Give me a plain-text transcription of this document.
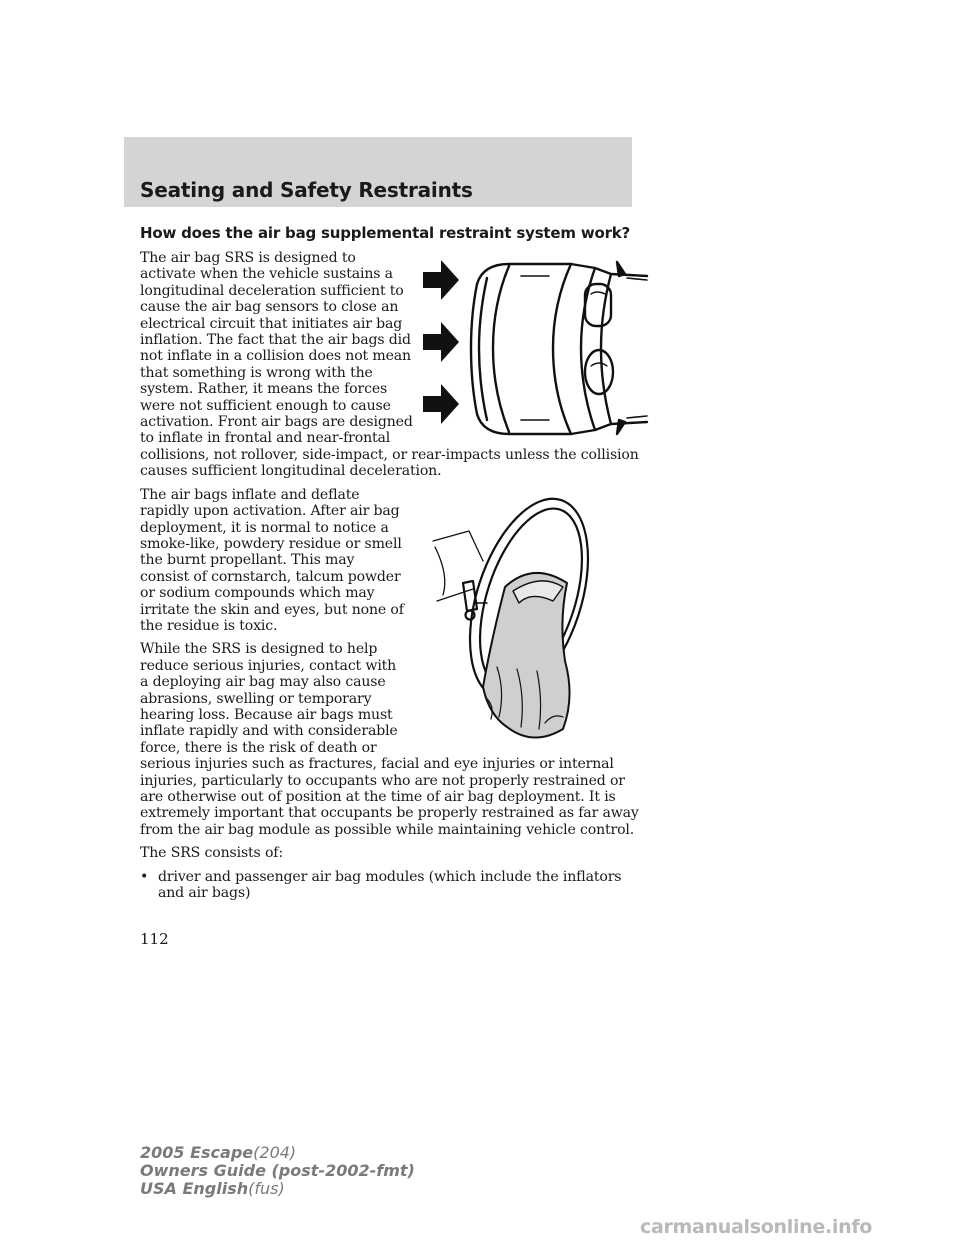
Seating and Safety Restraints
How does the air bag supplemental restraint system work?

The air bag SRS is designed to activate when the vehicle sustains a longitudinal deceleration sufficient to cause the air bag sensors to close an electrical circuit that initiates air bag inflation. The fact that the air bags did not inflate in a collision does not mean that something is wrong with the system. Rather, it means the forces were not sufficient enough to cause activation. Front air bags are designed to inflate in frontal and near-frontal collisions, not rollover, side-impact, or rear-impacts unless the collision causes sufficient longitudinal deceleration.

The air bags inflate and deflate rapidly upon activation. After air bag deployment, it is normal to notice a smoke-like, powdery residue or smell the burnt propellant. This may consist of cornstarch, talcum powder or sodium compounds which may irritate the skin and eyes, but none of the residue is toxic.

While the SRS is designed to help reduce serious injuries, contact with a deploying air bag may also cause abrasions, swelling or temporary hearing loss. Because air bags must inflate rapidly and with considerable force, there is the risk of death or serious injuries such as fractures, facial and eye injuries or internal injuries, particularly to occupants who are not properly restrained or are otherwise out of position at the time of air bag deployment. It is extremely important that occupants be properly restrained as far away from the air bag module as possible while maintaining vehicle control.

The SRS consists of:

• driver and passenger air bag modules (which include the inflators and air bags)
112
2005 Escape(204)
Owners Guide (post-2002-fmt)
USA English(fus)
carmanualsonline.info
